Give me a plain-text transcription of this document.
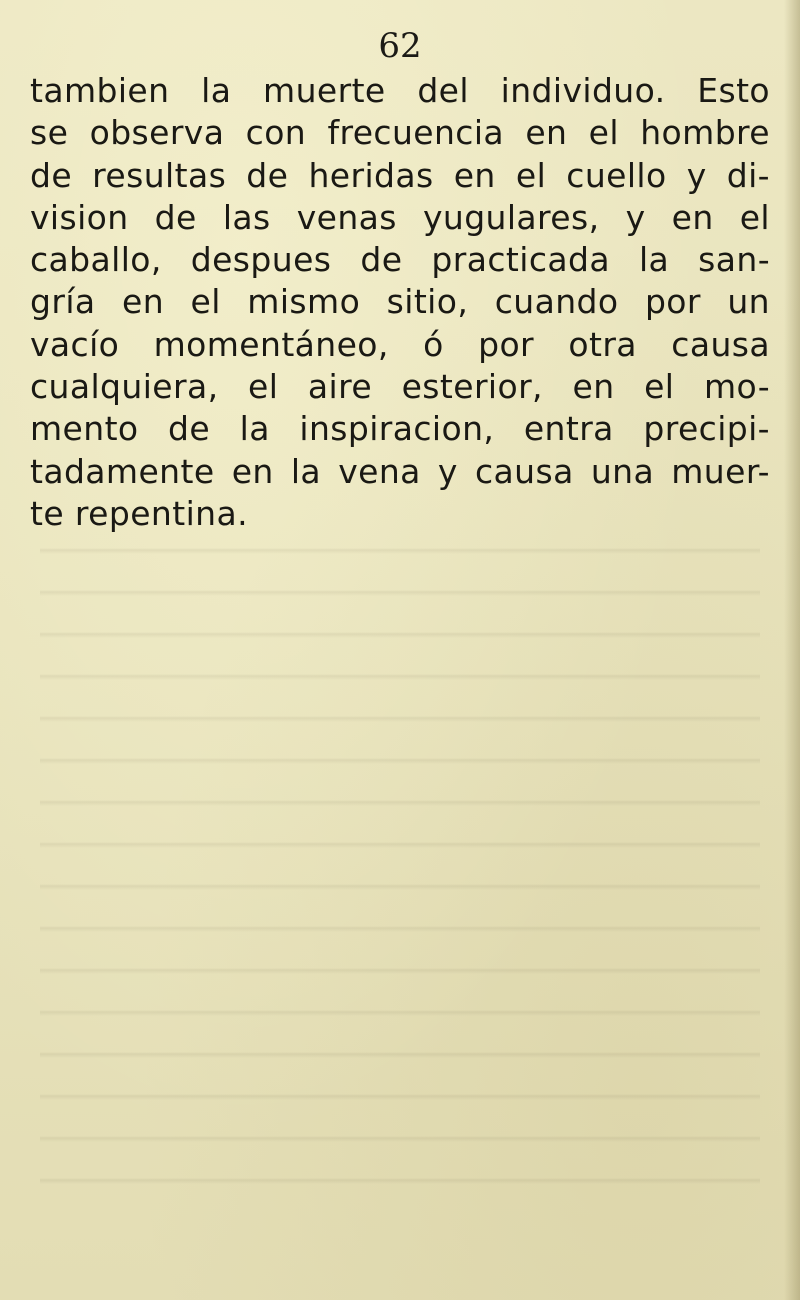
62
tambien la muerte del individuo. Esto
se observa con frecuencia en el hombre
de resultas de heridas en el cuello y di-
vision de las venas yugulares, y en el
caballo, despues de practicada la san-
gría en el mismo sitio, cuando por un
vacío momentáneo, ó por otra causa
cualquiera, el aire esterior, en el mo-
mento de la inspiracion, entra precipi-
tadamente en la vena y causa una muer-
te repentina.
